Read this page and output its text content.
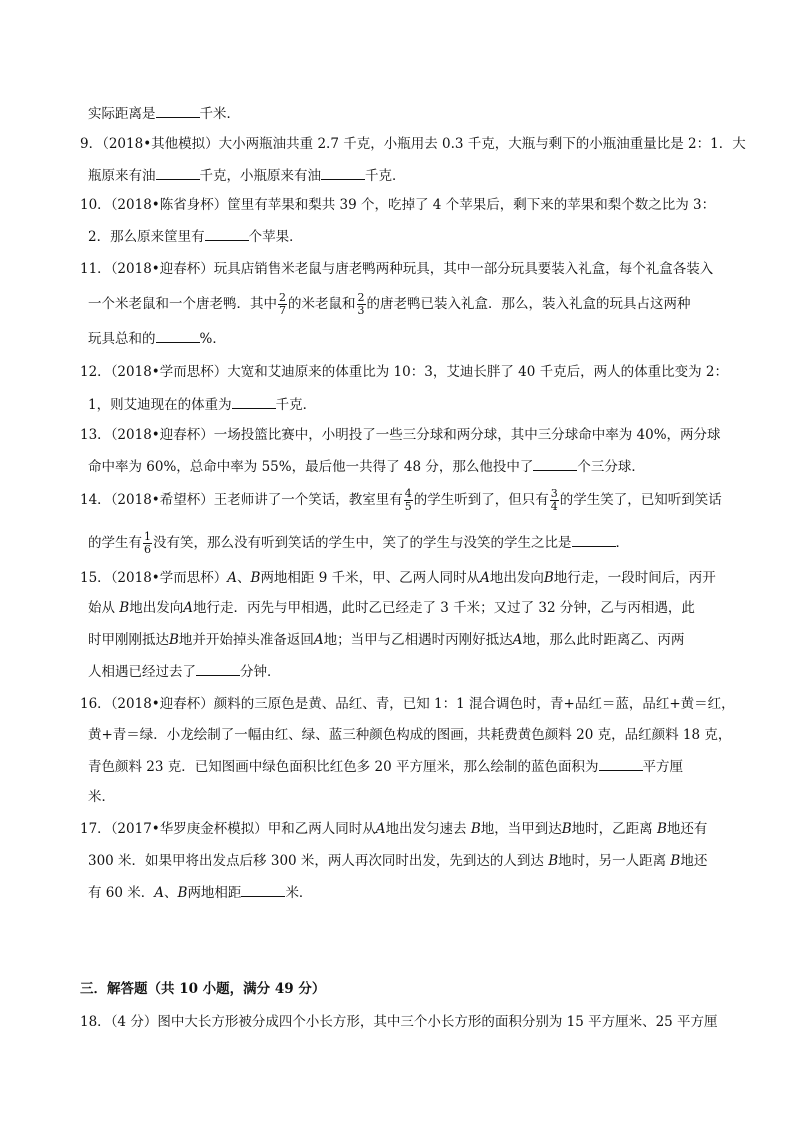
实际距离是	千米．
9．（2018•其他模拟）大小两瓶油共重 2.7 千克，小瓶用去 0.3 千克，大瓶与剩下的小瓶油重量比是 2：1．大
瓶原来有油	千克，小瓶原来有油	千克．
10．（2018•陈省身杯）筐里有苹果和梨共 39 个，吃掉了 4 个苹果后，剩下来的苹果和梨个数之比为 3：
2．那么原来筐里有	个苹果．
11．（2018•迎春杯）玩具店销售米老鼠与唐老鸭两种玩具，其中一部分玩具要装入礼盒，每个礼盒各装入
一个米老鼠和一个唐老鸭．其中 $\frac{2}{7}$ 的米老鼠和 $\frac{2}{3}$ 的唐老鸭已装入礼盒．那么，装入礼盒的玩具占这两种
玩具总和的	%．
12．（2018•学而思杯）大宽和艾迪原来的体重比为 10：3，艾迪长胖了 40 千克后，两人的体重比变为 2：
1，则艾迪现在的体重为	千克．
13．（2018•迎春杯）一场投篮比赛中，小明投了一些三分球和两分球，其中三分球命中率为 40%，两分球
命中率为 60%，总命中率为 55%，最后他一共得了 48 分，那么他投中了	个三分球．
14．（2018•希望杯）王老师讲了一个笑话，教室里有 $\frac{4}{5}$ 的学生听到了，但只有 $\frac{3}{4}$ 的学生笑了，已知听到笑话
的学生有 $\frac{1}{6}$ 没有笑，那么没有听到笑话的学生中，笑了的学生与没笑的学生之比是	．
15．（2018•学而思杯）A、B两地相距 9 千米，甲、乙两人同时从A地出发向B地行走，一段时间后，丙开
始从 B地出发向A地行走．丙先与甲相遇，此时乙已经走了 3 千米；又过了 32 分钟，乙与丙相遇，此
时甲刚刚抵达B地并开始掉头准备返回A地；当甲与乙相遇时丙刚好抵达A地，那么此时距离乙、丙两
人相遇已经过去了	分钟．
16．（2018•迎春杯）颜料的三原色是黄、品红、青，已知 1：1 混合调色时，青+品红＝蓝，品红+黄＝红，
黄+青＝绿．小龙绘制了一幅由红、绿、蓝三种颜色构成的图画，共耗费黄色颜料 20 克，品红颜料 18 克，
青色颜料 23 克．已知图画中绿色面积比红色多 20 平方厘米，那么绘制的蓝色面积为	平方厘
米．
17．（2017•华罗庚金杯模拟）甲和乙两人同时从A地出发匀速去 B地，当甲到达B地时，乙距离 B地还有
300 米．如果甲将出发点后移 300 米，两人再次同时出发，先到达的人到达 B地时，另一人距离 B地还
有 60 米．A、B两地相距	米．
三．解答题（共 10 小题，满分 49 分）
18．（4 分）图中大长方形被分成四个小长方形，其中三个小长方形的面积分别为 15 平方厘米、25 平方厘
